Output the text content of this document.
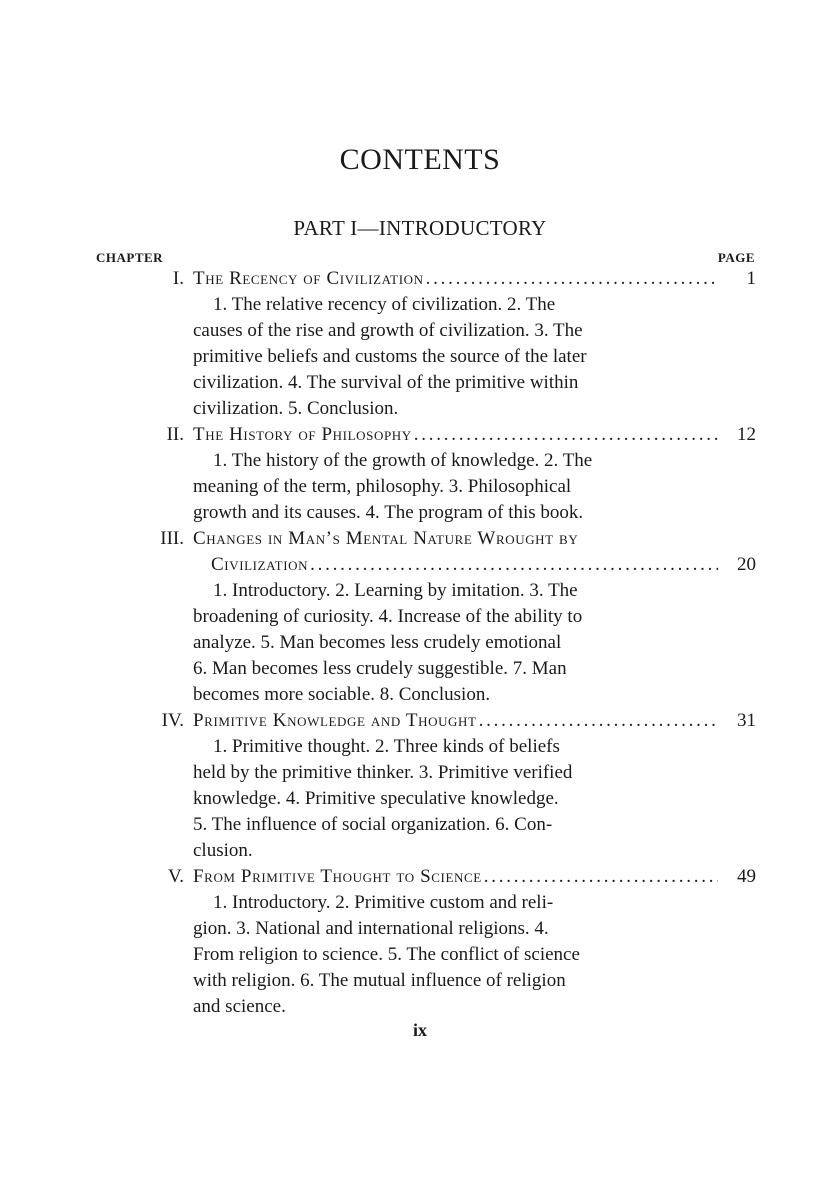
CONTENTS
PART I—INTRODUCTORY
CHAPTER	PAGE
I. The Recency of Civilization . . .	1
1. The relative recency of civilization. 2. The
causes of the rise and growth of civilization. 3. The
primitive beliefs and customs the source of the later
civilization. 4. The survival of the primitive within
civilization. 5. Conclusion.
II. The History of Philosophy . . .	12
1. The history of the growth of knowledge. 2. The
meaning of the term, philosophy. 3. Philosophical
growth and its causes. 4. The program of this book.
III. Changes in Man’s Mental Nature Wrought by
Civilization . . .	20
1. Introductory. 2. Learning by imitation. 3. The
broadening of curiosity. 4. Increase of the ability to
analyze. 5. Man becomes less crudely emotional
6. Man becomes less crudely suggestible. 7. Man
becomes more sociable. 8. Conclusion.
IV. Primitive Knowledge and Thought . . .	31
1. Primitive thought. 2. Three kinds of beliefs
held by the primitive thinker. 3. Primitive verified
knowledge. 4. Primitive speculative knowledge.
5. The influence of social organization. 6. Con-
clusion.
V. From Primitive Thought to Science . . .	49
1. Introductory. 2. Primitive custom and reli-
gion. 3. National and international religions. 4.
From religion to science. 5. The conflict of science
with religion. 6. The mutual influence of religion
and science.
ix
